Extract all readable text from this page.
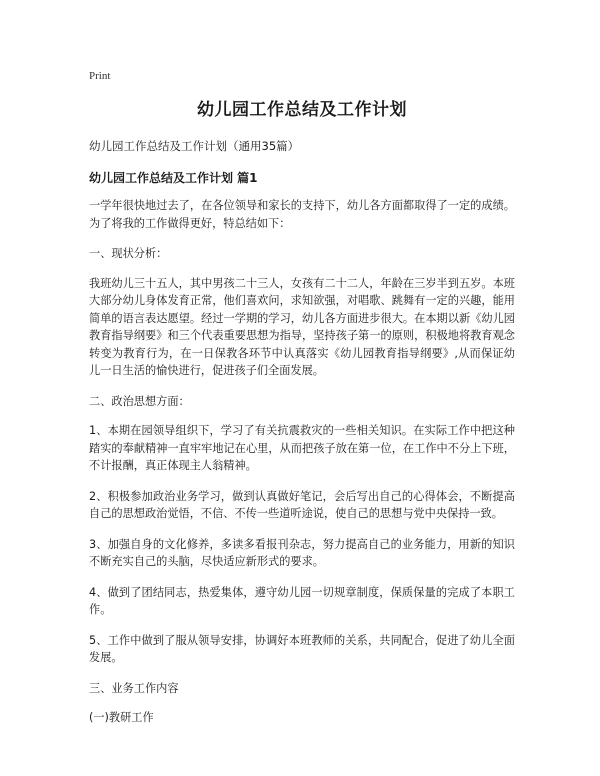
Print
幼儿园工作总结及工作计划
幼儿园工作总结及工作计划（通用35篇）
幼儿园工作总结及工作计划 篇1

一学年很快地过去了，在各位领导和家长的支持下，幼儿各方面都取得了一定的成绩。为了将我的工作做得更好，特总结如下：

一、现状分析：

我班幼儿三十五人，其中男孩二十三人，女孩有二十二人，年龄在三岁半到五岁。本班大部分幼儿身体发育正常，他们喜欢问，求知欲强，对唱歌、跳舞有一定的兴趣，能用简单的语言表达愿望。经过一学期的学习，幼儿各方面进步很大。在本期以新《幼儿园教育指导纲要》和三个代表重要思想为指导，坚持孩子第一的原则，积极地将教育观念转变为教育行为，在一日保教各环节中认真落实《幼儿园教育指导纲要》,从而保证幼儿一日生活的愉快进行，促进孩子们全面发展。

二、政治思想方面：

1、本期在园领导组织下，学习了有关抗震救灾的一些相关知识。在实际工作中把这种踏实的奉献精神一直牢牢地记在心里，从而把孩子放在第一位，在工作中不分上下班，不计报酬，真正体现主人翁精神。

2、积极参加政治业务学习，做到认真做好笔记，会后写出自己的心得体会，不断提高自己的思想政治觉悟，不信、不传一些道听途说，使自己的思想与党中央保持一致。

3、加强自身的文化修养，多读多看报刊杂志，努力提高自己的业务能力，用新的知识不断充实自己的头脑，尽快适应新形式的要求。

4、做到了团结同志，热爱集体，遵守幼儿园一切规章制度，保质保量的完成了本职工作。

5、工作中做到了服从领导安排，协调好本班教师的关系，共同配合，促进了幼儿全面发展。

三、业务工作内容

(一)教研工作
